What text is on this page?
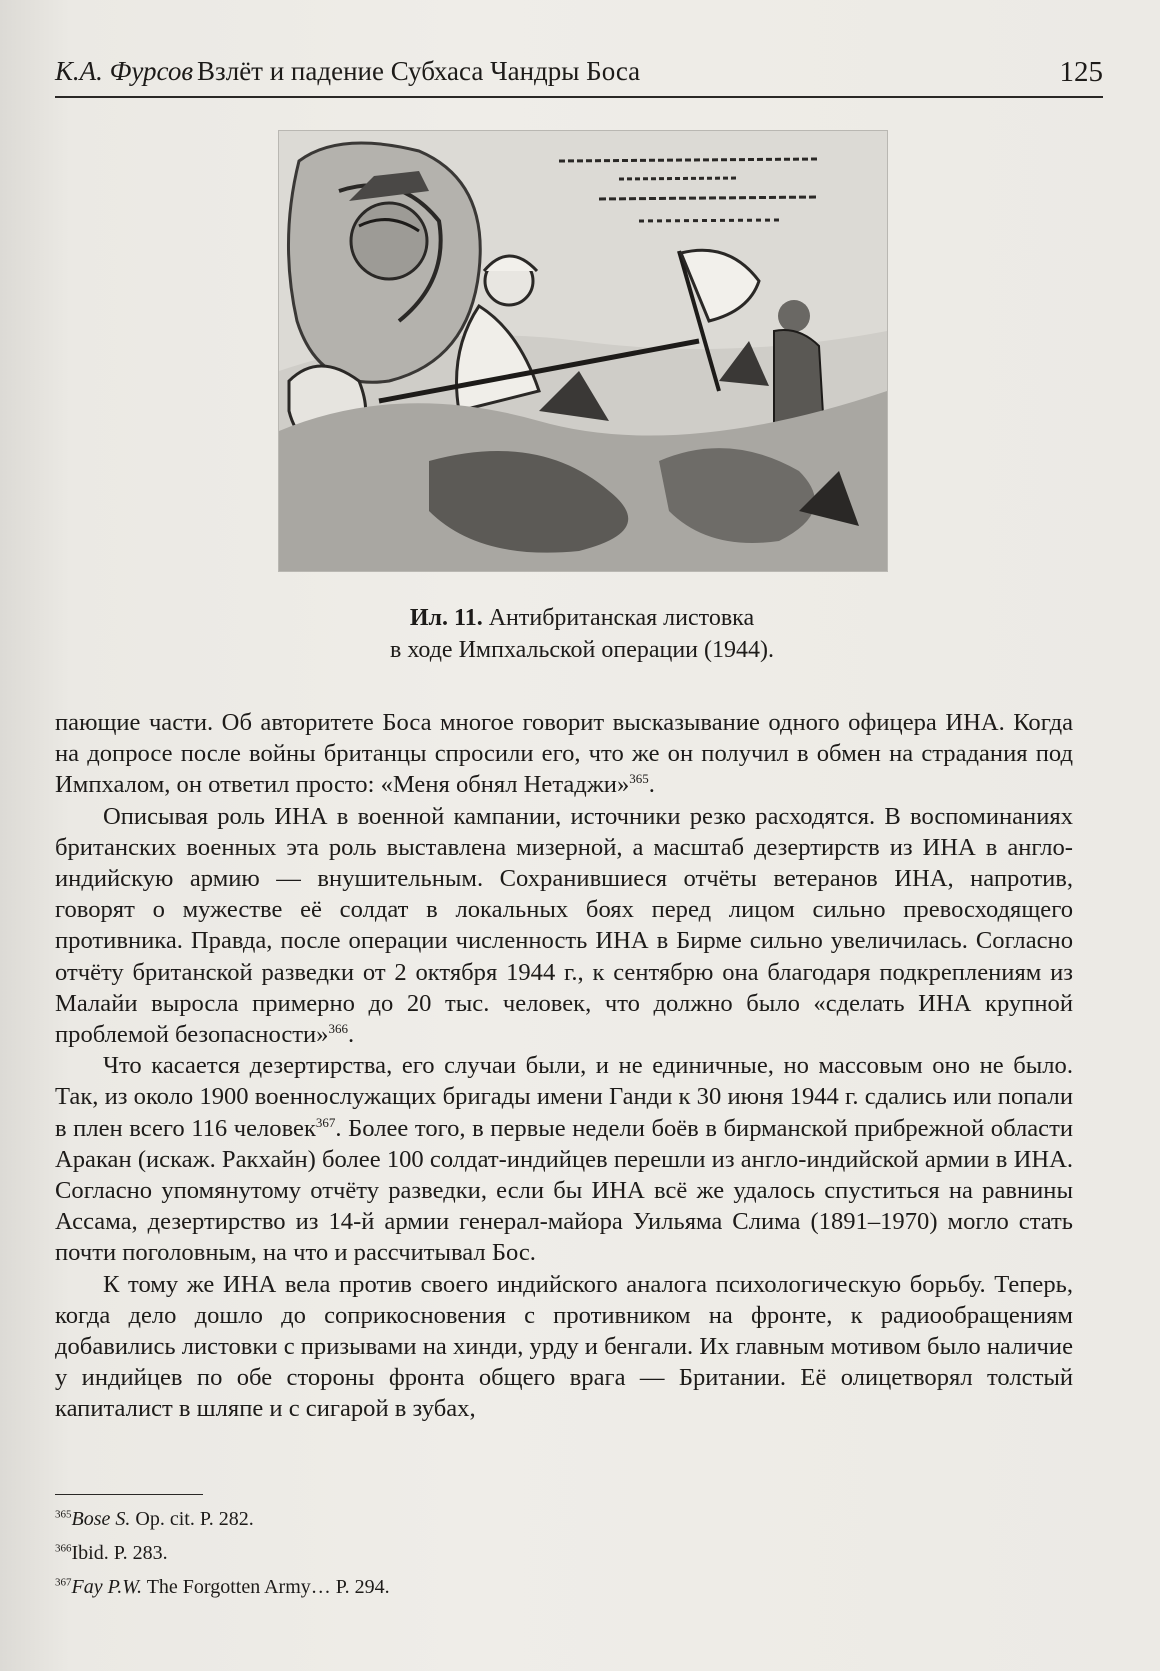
К.А. Фурсов Взлёт и падение Субхаса Чандры Боса	125
Ил. 11. Антибританская листовка
в ходе Импхальской операции (1944).

пающие части. Об авторитете Боса многое говорит высказывание одного офицера ИНА. Когда на допросе после войны британцы спросили его, что же он получил в обмен на страдания под Импхалом, он ответил просто: «Меня обнял Нетаджи»$^{365}$.

Описывая роль ИНА в военной кампании, источники резко расходятся. В воспоминаниях британских военных эта роль выставлена мизерной, а масштаб дезертирств из ИНА в англо-индийскую армию — внушительным. Сохранившиеся отчёты ветеранов ИНА, напротив, говорят о мужестве её солдат в локальных боях перед лицом сильно превосходящего противника. Правда, после операции численность ИНА в Бирме сильно увеличилась. Согласно отчёту британской разведки от 2 октября 1944 г., к сентябрю она благодаря подкреплениям из Малайи выросла примерно до 20 тыс. человек, что должно было «сделать ИНА крупной проблемой безопасности»$^{366}$.

Что касается дезертирства, его случаи были, и не единичные, но массовым оно не было. Так, из около 1900 военнослужащих бригады имени Ганди к 30 июня 1944 г. сдались или попали в плен всего 116 человек$^{367}$. Более того, в первые недели боёв в бирманской прибрежной области Аракан (искаж. Ракхайн) более 100 солдат-индийцев перешли из англо-индийской армии в ИНА. Согласно упомянутому отчёту разведки, если бы ИНА всё же удалось спуститься на равнины Ассама, дезертирство из 14-й армии генерал-майора Уильяма Слима (1891–1970) могло стать почти поголовным, на что и рассчитывал Бос.

К тому же ИНА вела против своего индийского аналога психологическую борьбу. Теперь, когда дело дошло до соприкосновения с противником на фронте, к радиообращениям добавились листовки с призывами на хинди, урду и бенгали. Их главным мотивом было наличие у индийцев по обе стороны фронта общего врага — Британии. Её олицетворял толстый капиталист в шляпе и с сигарой в зубах,

$^{365}$Bose S. Op. cit. P. 282.
$^{366}$Ibid. P. 283.
$^{367}$Fay P.W. The Forgotten Army… P. 294.
